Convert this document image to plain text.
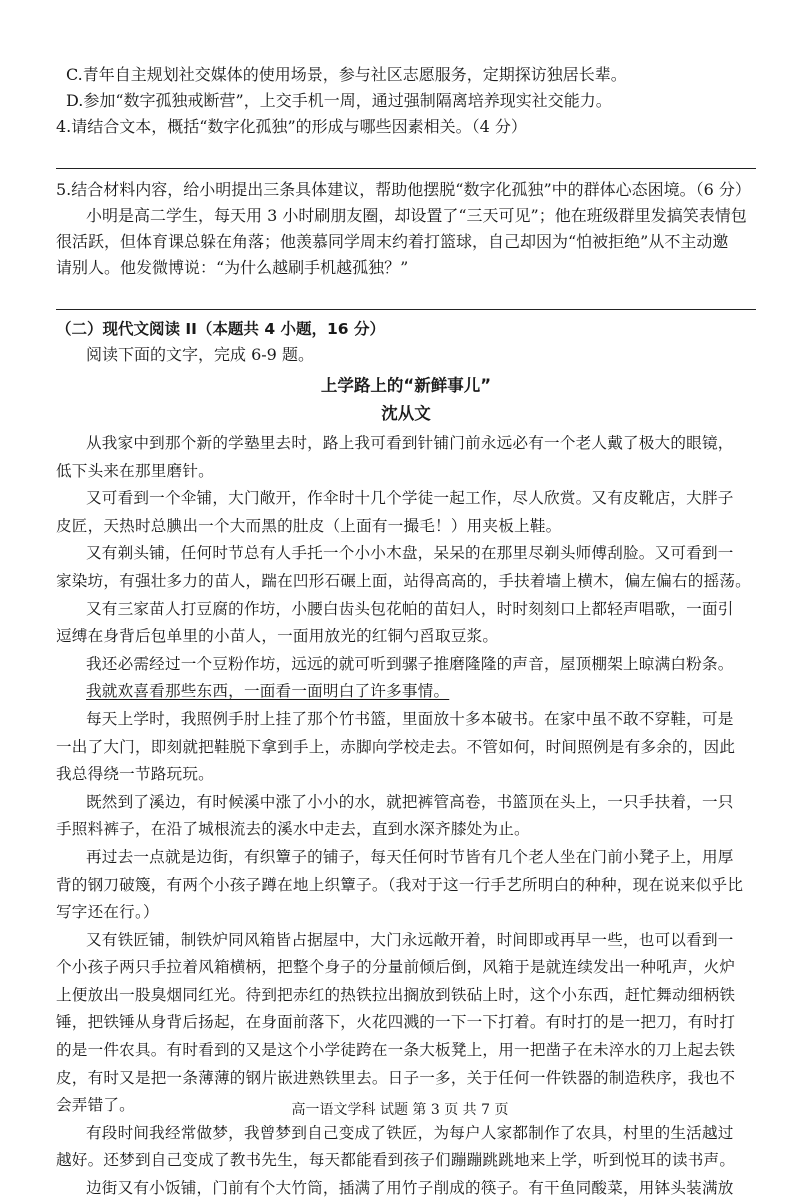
C.青年自主规划社交媒体的使用场景，参与社区志愿服务，定期探访独居长辈。

D.参加“数字孤独戒断营”，上交手机一周，通过强制隔离培养现实社交能力。

4.请结合文本，概括“数字化孤独”的形成与哪些因素相关。（4 分）

5.结合材料内容，给小明提出三条具体建议，帮助他摆脱“数字化孤独”中的群体心态困境。（6 分）

小明是高二学生，每天用 3 小时刷朋友圈，却设置了“三天可见”；他在班级群里发搞笑表情包

很活跃，但体育课总躲在角落；他羡慕同学周末约着打篮球，自己却因为“怕被拒绝”从不主动邀

请别人。他发微博说：“为什么越刷手机越孤独？”

（二）现代文阅读 II（本题共 4 小题，16 分）

阅读下面的文字，完成 6-9 题。

上学路上的“新鲜事儿”

沈从文

从我家中到那个新的学塾里去时，路上我可看到针铺门前永远必有一个老人戴了极大的眼镜，

低下头来在那里磨针。

又可看到一个伞铺，大门敞开，作伞时十几个学徒一起工作，尽人欣赏。又有皮靴店，大胖子

皮匠，天热时总腆出一个大而黑的肚皮（上面有一撮毛！）用夹板上鞋。

又有剃头铺，任何时节总有人手托一个小小木盘，呆呆的在那里尽剃头师傅刮脸。又可看到一

家染坊，有强壮多力的苗人，踹在凹形石碾上面，站得高高的，手扶着墙上横木，偏左偏右的摇荡。

又有三家苗人打豆腐的作坊，小腰白齿头包花帕的苗妇人，时时刻刻口上都轻声唱歌，一面引

逗缚在身背后包单里的小苗人，一面用放光的红铜勺舀取豆浆。

我还必需经过一个豆粉作坊，远远的就可听到骡子推磨隆隆的声音，屋顶棚架上晾满白粉条。

我就欢喜看那些东西，一面看一面明白了许多事情。

每天上学时，我照例手肘上挂了那个竹书篮，里面放十多本破书。在家中虽不敢不穿鞋，可是

一出了大门，即刻就把鞋脱下拿到手上，赤脚向学校走去。不管如何，时间照例是有多余的，因此

我总得绕一节路玩玩。

既然到了溪边，有时候溪中涨了小小的水，就把裤管高卷，书篮顶在头上，一只手扶着，一只

手照料裤子，在沿了城根流去的溪水中走去，直到水深齐膝处为止。

再过去一点就是边街，有织簟子的铺子，每天任何时节皆有几个老人坐在门前小凳子上，用厚

背的钢刀破篾，有两个小孩子蹲在地上织簟子。（我对于这一行手艺所明白的种种，现在说来似乎比

写字还在行。）

又有铁匠铺，制铁炉同风箱皆占据屋中，大门永远敞开着，时间即或再早一些，也可以看到一

个小孩子两只手拉着风箱横柄，把整个身子的分量前倾后倒，风箱于是就连续发出一种吼声，火炉

上便放出一股臭烟同红光。待到把赤红的热铁拉出搁放到铁砧上时，这个小东西，赶忙舞动细柄铁

锤，把铁锤从身背后扬起，在身面前落下，火花四溅的一下一下打着。有时打的是一把刀，有时打

的是一件农具。有时看到的又是这个小学徒跨在一条大板凳上，用一把凿子在未淬水的刀上起去铁

皮，有时又是把一条薄薄的钢片嵌进熟铁里去。日子一多，关于任何一件铁器的制造秩序，我也不

会弄错了。

有段时间我经常做梦，我曾梦到自己变成了铁匠，为每户人家都制作了农具，村里的生活越过

越好。还梦到自己变成了教书先生，每天都能看到孩子们蹦蹦跳跳地来上学，听到悦耳的读书声。

边街又有小饭铺，门前有个大竹筒，插满了用竹子削成的筷子。有干鱼同酸菜，用钵头装满放

高一语文学科 试题 第 3 页 共 7 页
